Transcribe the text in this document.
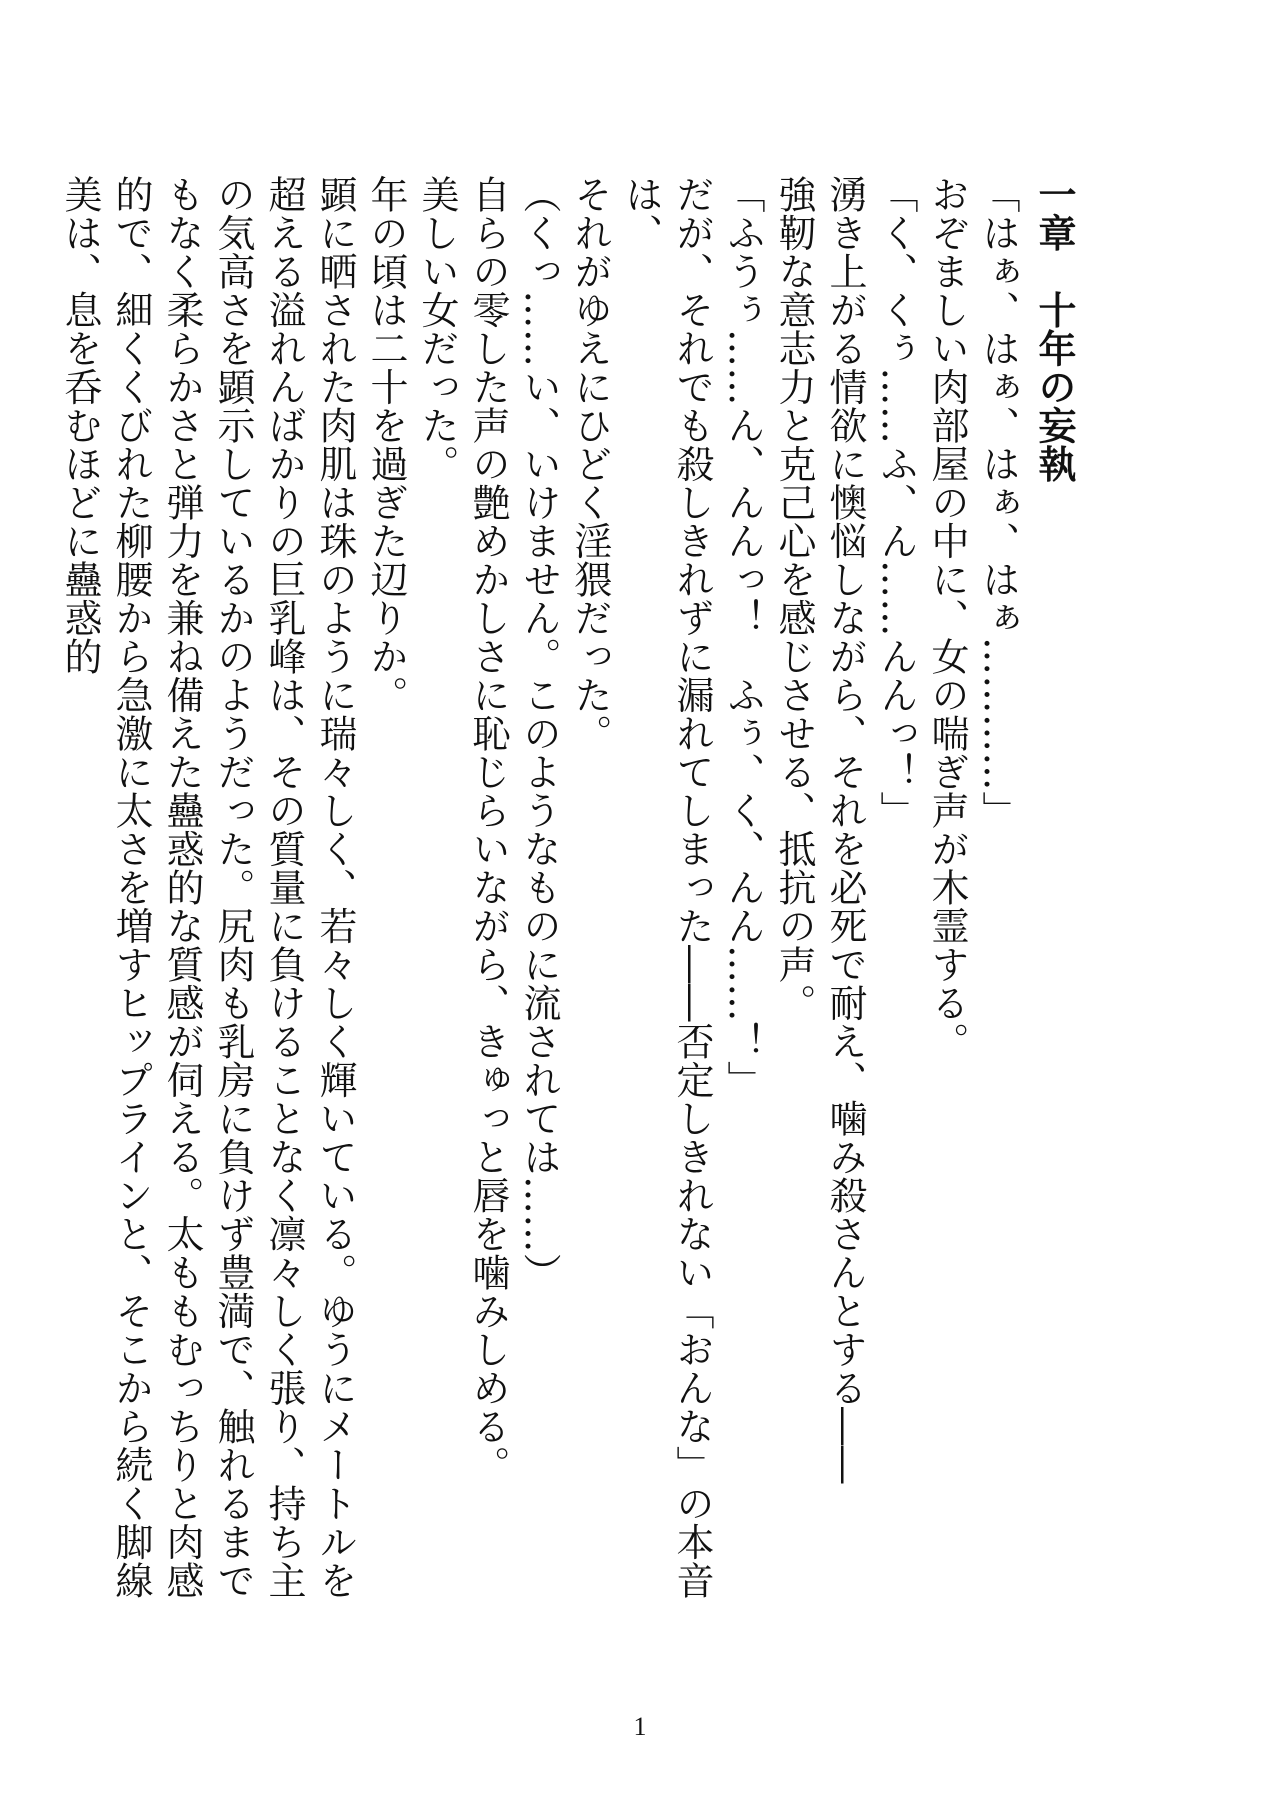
一章　十年の妄執

「はぁ、はぁ、はぁ、はぁ…………」

おぞましい肉部屋の中に、女の喘ぎ声が木霊する。

「く、くぅ……ふ、ん……んんっ！」

湧き上がる情欲に懊悩しながら、それを必死で耐え、噛み殺さんとする――

強靭な意志力と克己心を感じさせる、抵抗の声。

「ふうぅ……ん、んんっ！　ふぅ、く、んん……！」

だが、それでも殺しきれずに漏れてしまった――否定しきれない「おんな」の本音は、

それがゆえにひどく淫猥だった。

（くっ……い、いけません。このようなものに流されては……）

自らの零した声の艶めかしさに恥じらいながら、きゅっと唇を噛みしめる。

美しい女だった。

年の頃は二十を過ぎた辺りか。

顕に晒された肉肌は珠のように瑞々しく、若々しく輝いている。ゆうにメートルを超える溢れんばかりの巨乳峰は、その質量に負けることなく凛々しく張り、持ち主の気高さを顕示しているかのようだった。尻肉も乳房に負けず豊満で、触れるまでもなく柔らかさと弾力を兼ね備えた蠱惑的な質感が伺える。太ももむっちりと肉感的で、細くくびれた柳腰から急激に太さを増すヒップラインと、そこから続く脚線美は、息を呑むほどに蠱惑的

1
